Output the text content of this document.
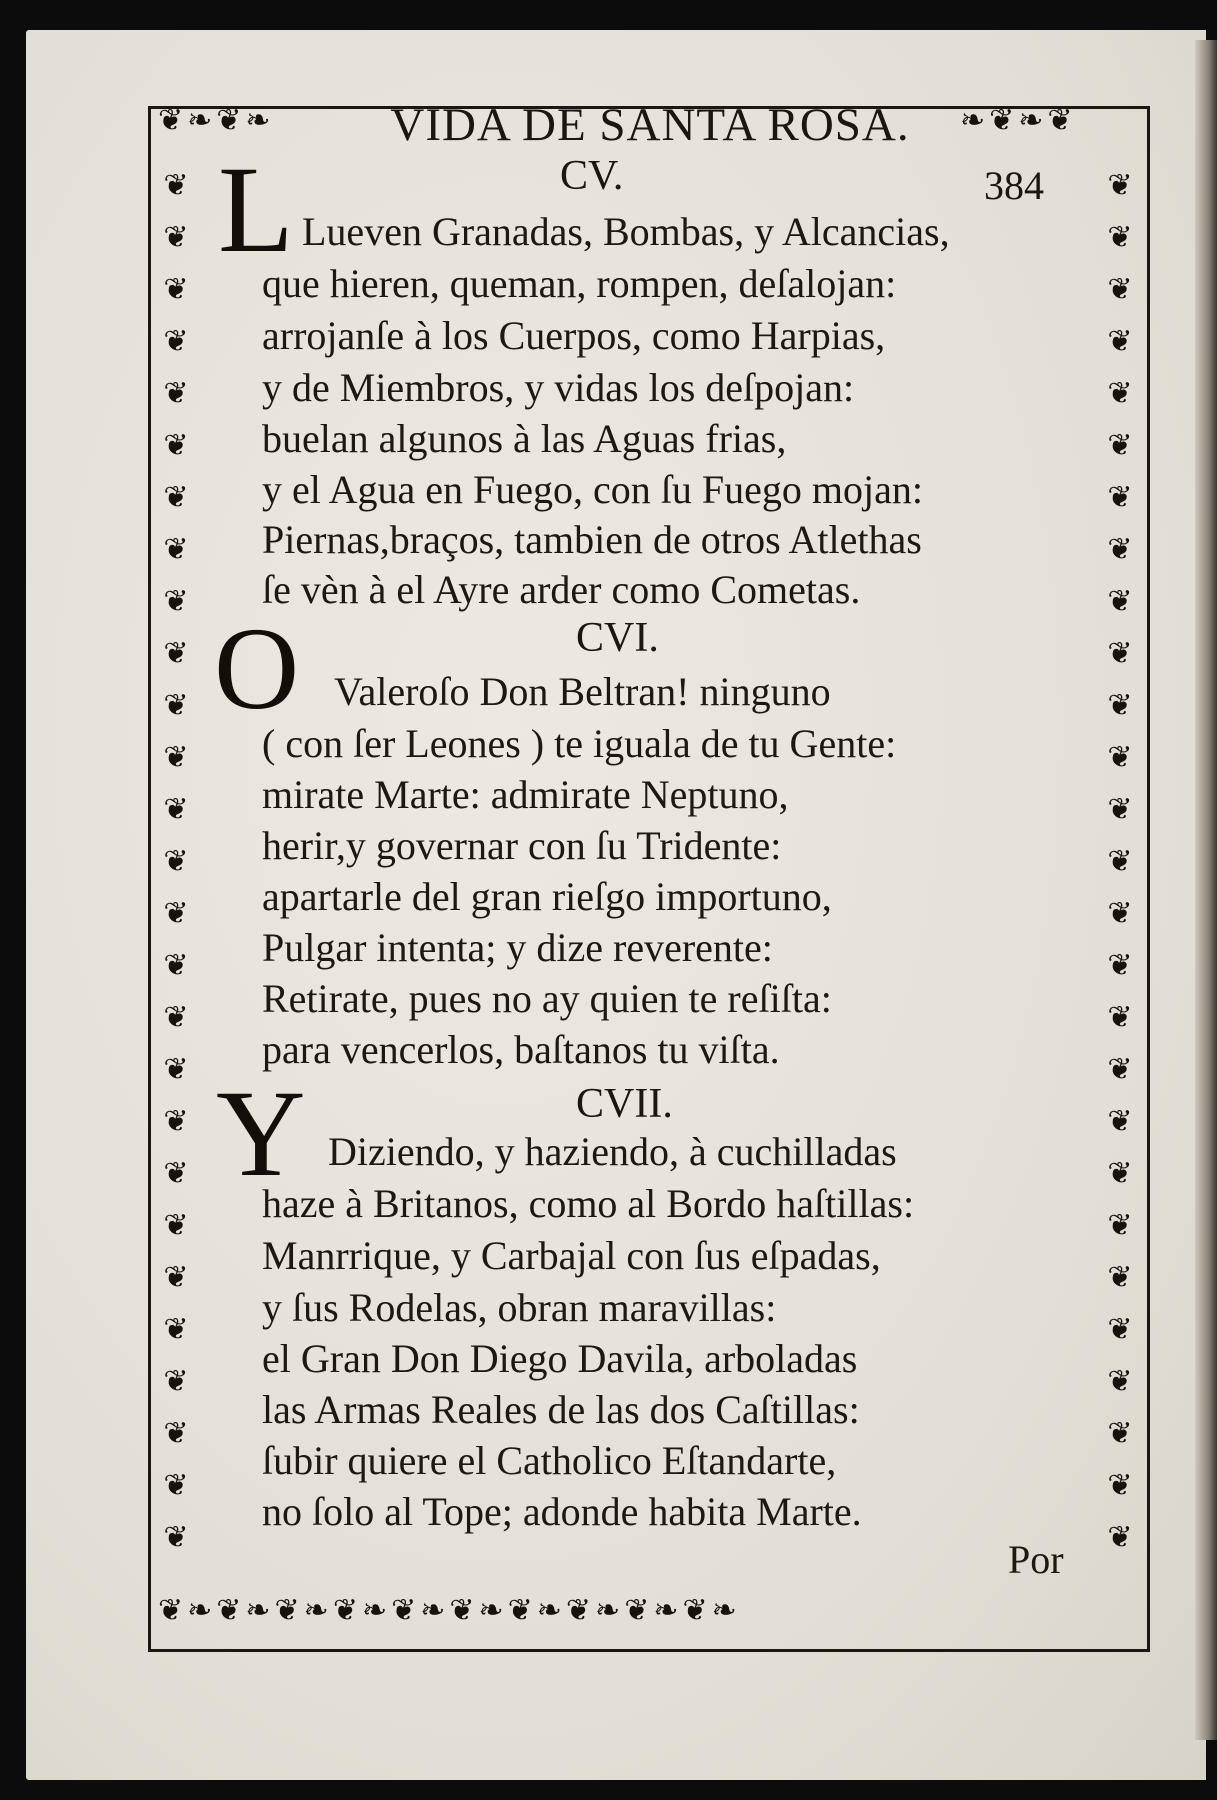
❦❧❦❧	❧❦❧❦
❦❧❦❧❦❧❦❧❦❧❦❧❦❧❦❧❦❧❦❧
❦
❦
❦
❦
❦
❦
❦
❦
❦
❦
❦
❦
❦
❦
❦
❦
❦
❦
❦
❦
❦
❦
❦
❦
❦
❦
❦
❦
❦
❦
❦
❦
❦
❦
❦
❦
❦
❦
❦
❦
❦
❦
❦
❦
❦
❦
❦
❦
❦
❦
❦
❦
❦
❦
VIDA DE SANTA ROSA.
384
CV.
L Lueven Granadas, Bombas, y Alcancias,
que hieren, queman, rompen, deſalojan:
arrojanſe à los Cuerpos, como Harpias,
y de Miembros, y vidas los deſpojan:
buelan algunos à las Aguas frias,
y el Agua en Fuego, con ſu Fuego mojan:
Piernas,braços, tambien de otros Atlethas
ſe vèn à el Ayre arder como Cometas.
CVI.
O Valeroſo Don Beltran! ninguno
( con ſer Leones ) te iguala de tu Gente:
mirate Marte: admirate Neptuno,
herir,y governar con ſu Tridente:
apartarle del gran rieſgo importuno,
Pulgar intenta; y dize reverente:
Retirate, pues no ay quien te reſiſta:
para vencerlos, baſtanos tu viſta.
CVII.
Y Diziendo, y haziendo, à cuchilladas
haze à Britanos, como al Bordo haſtillas:
Manrrique, y Carbajal con ſus eſpadas,
y ſus Rodelas, obran maravillas:
el Gran Don Diego Davila, arboladas
las Armas Reales de las dos Caſtillas:
ſubir quiere el Catholico Eſtandarte,
no ſolo al Tope; adonde habita Marte.
Por
